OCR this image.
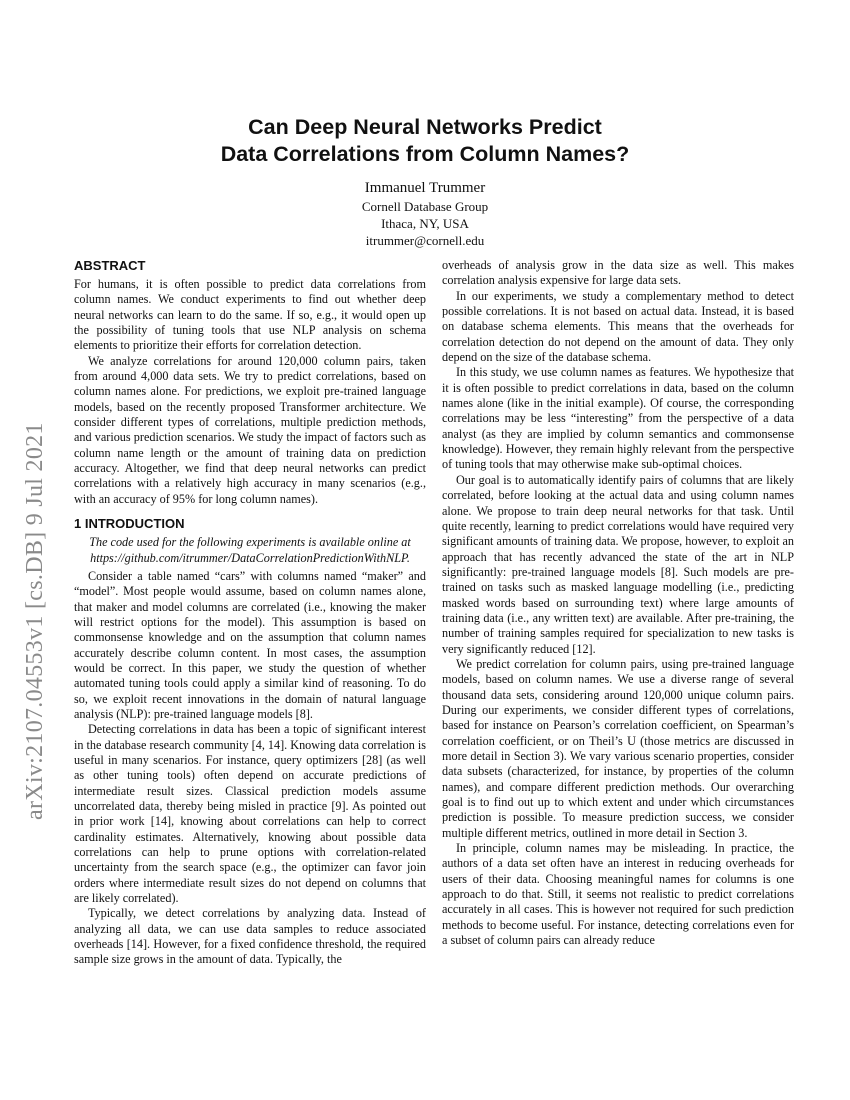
arXiv:2107.04553v1 [cs.DB] 9 Jul 2021
Can Deep Neural Networks Predict
Data Correlations from Column Names?
Immanuel Trummer
Cornell Database Group
Ithaca, NY, USA
itrummer@cornell.edu
ABSTRACT

For humans, it is often possible to predict data correlations from column names. We conduct experiments to find out whether deep neural networks can learn to do the same. If so, e.g., it would open up the possibility of tuning tools that use NLP analysis on schema elements to prioritize their efforts for correlation detection.

We analyze correlations for around 120,000 column pairs, taken from around 4,000 data sets. We try to predict correlations, based on column names alone. For predictions, we exploit pre-trained language models, based on the recently proposed Transformer architecture. We consider different types of correlations, multiple prediction methods, and various prediction scenarios. We study the impact of factors such as column name length or the amount of training data on prediction accuracy. Altogether, we find that deep neural networks can predict correlations with a relatively high accuracy in many scenarios (e.g., with an accuracy of 95% for long column names).

1 INTRODUCTION

The code used for the following experiments is available online at https://github.com/itrummer/DataCorrelationPredictionWithNLP.

Consider a table named “cars” with columns named “maker” and “model”. Most people would assume, based on column names alone, that maker and model columns are correlated (i.e., knowing the maker will restrict options for the model). This assumption is based on commonsense knowledge and on the assumption that column names accurately describe column content. In most cases, the assumption would be correct. In this paper, we study the question of whether automated tuning tools could apply a similar kind of reasoning. To do so, we exploit recent innovations in the domain of natural language analysis (NLP): pre-trained language models [8].

Detecting correlations in data has been a topic of significant interest in the database research community [4, 14]. Knowing data correlation is useful in many scenarios. For instance, query optimizers [28] (as well as other tuning tools) often depend on accurate predictions of intermediate result sizes. Classical prediction models assume uncorrelated data, thereby being misled in practice [9]. As pointed out in prior work [14], knowing about correlations can help to correct cardinality estimates. Alternatively, knowing about possible data correlations can help to prune options with correlation-related uncertainty from the search space (e.g., the optimizer can favor join orders where intermediate result sizes do not depend on columns that are likely correlated).

Typically, we detect correlations by analyzing data. Instead of analyzing all data, we can use data samples to reduce associated overheads [14]. However, for a fixed confidence threshold, the required sample size grows in the amount of data. Typically, the

overheads of analysis grow in the data size as well. This makes correlation analysis expensive for large data sets.

In our experiments, we study a complementary method to detect possible correlations. It is not based on actual data. Instead, it is based on database schema elements. This means that the overheads for correlation detection do not depend on the amount of data. They only depend on the size of the database schema.

In this study, we use column names as features. We hypothesize that it is often possible to predict correlations in data, based on the column names alone (like in the initial example). Of course, the corresponding correlations may be less “interesting” from the perspective of a data analyst (as they are implied by column semantics and commonsense knowledge). However, they remain highly relevant from the perspective of tuning tools that may otherwise make sub-optimal choices.

Our goal is to automatically identify pairs of columns that are likely correlated, before looking at the actual data and using column names alone. We propose to train deep neural networks for that task. Until quite recently, learning to predict correlations would have required very significant amounts of training data. We propose, however, to exploit an approach that has recently advanced the state of the art in NLP significantly: pre-trained language models [8]. Such models are pre-trained on tasks such as masked language modelling (i.e., predicting masked words based on surrounding text) where large amounts of training data (i.e., any written text) are available. After pre-training, the number of training samples required for specialization to new tasks is very significantly reduced [12].

We predict correlation for column pairs, using pre-trained language models, based on column names. We use a diverse range of several thousand data sets, considering around 120,000 unique column pairs. During our experiments, we consider different types of correlations, based for instance on Pearson’s correlation coefficient, on Spearman’s correlation coefficient, or on Theil’s U (those metrics are discussed in more detail in Section 3). We vary various scenario properties, consider data subsets (characterized, for instance, by properties of the column names), and compare different prediction methods. Our overarching goal is to find out up to which extent and under which circumstances prediction is possible. To measure prediction success, we consider multiple different metrics, outlined in more detail in Section 3.

In principle, column names may be misleading. In practice, the authors of a data set often have an interest in reducing overheads for users of their data. Choosing meaningful names for columns is one approach to do that. Still, it seems not realistic to predict correlations accurately in all cases. This is however not required for such prediction methods to become useful. For instance, detecting correlations even for a subset of column pairs can already reduce
